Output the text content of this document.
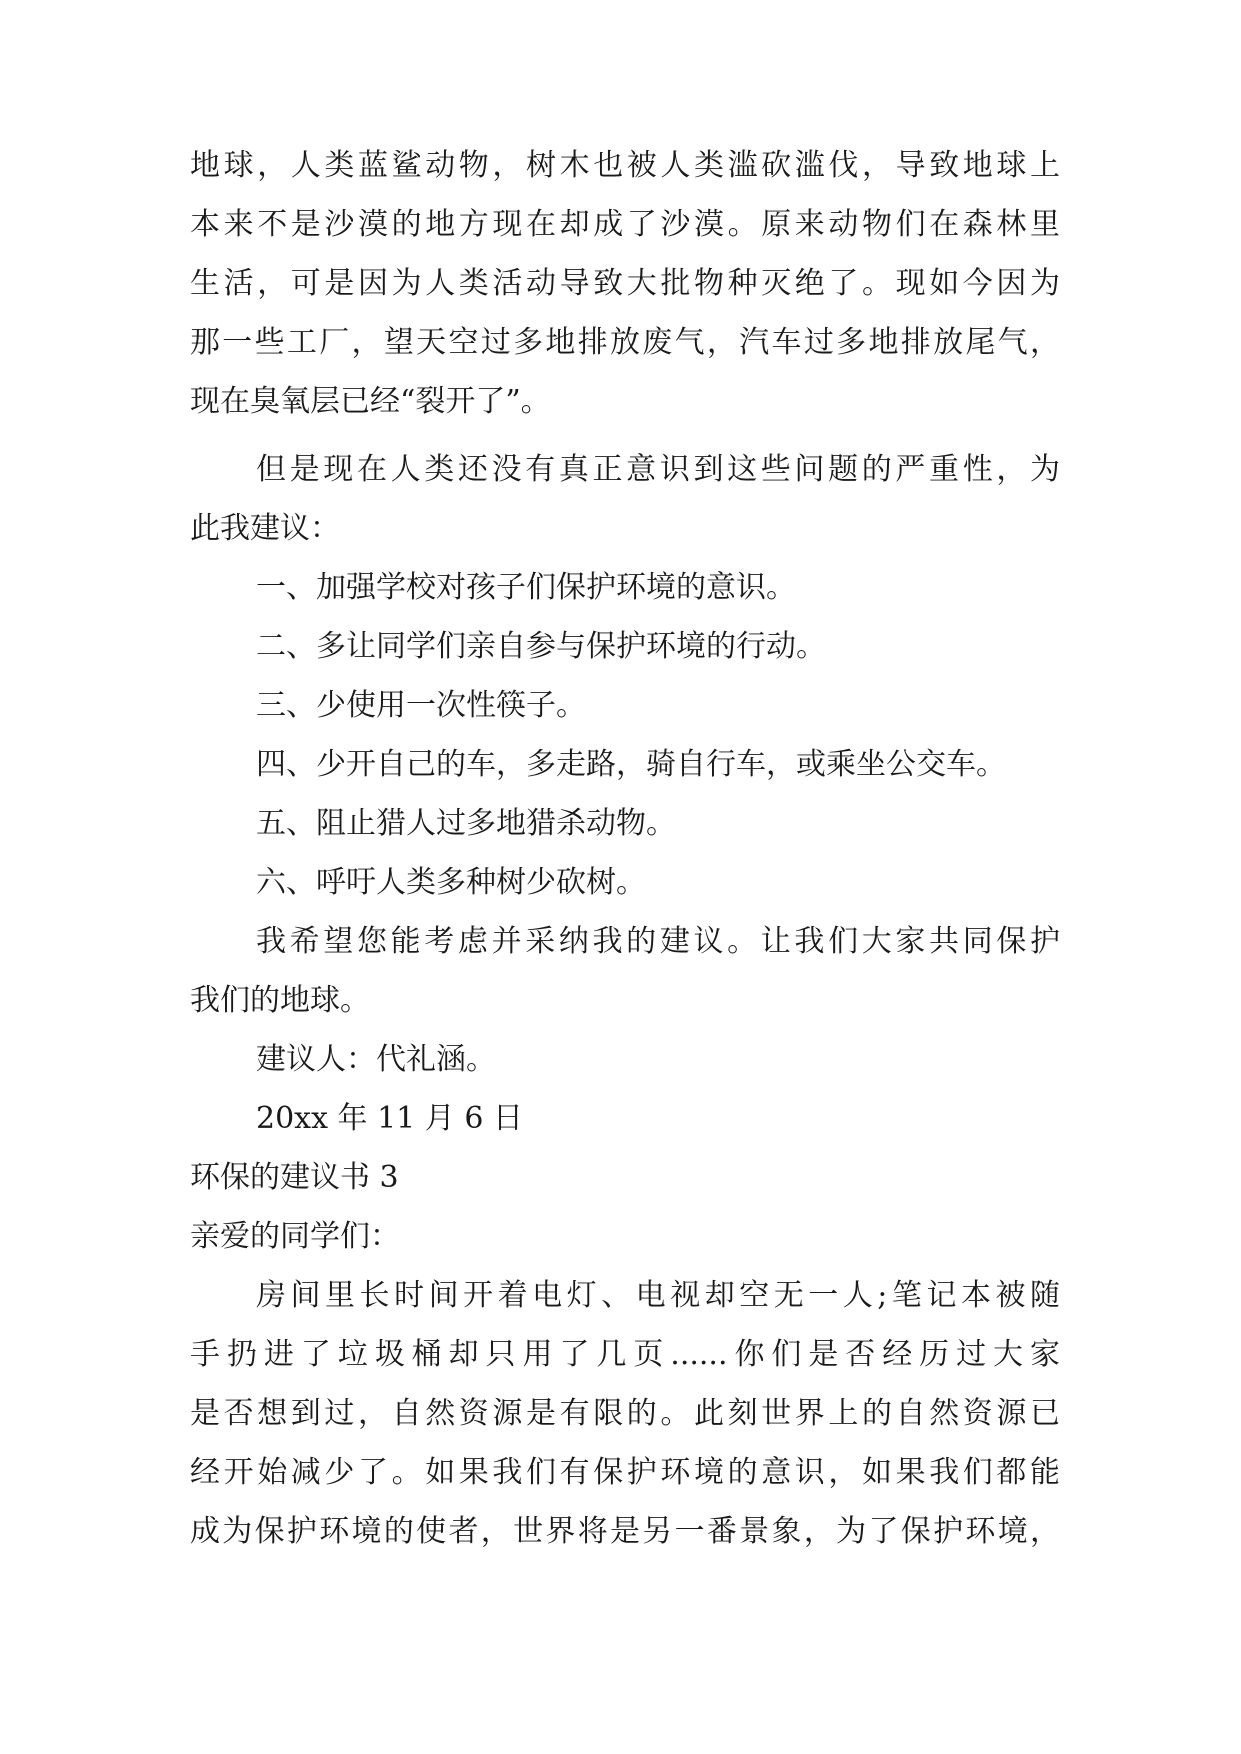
地球，人类蓝鲨动物，树木也被人类滥砍滥伐，导致地球上
本来不是沙漠的地方现在却成了沙漠。原来动物们在森林里
生活，可是因为人类活动导致大批物种灭绝了。现如今因为
那一些工厂，望天空过多地排放废气，汽车过多地排放尾气，
现在臭氧层已经“裂开了”。
但是现在人类还没有真正意识到这些问题的严重性，为
此我建议：
一、加强学校对孩子们保护环境的意识。
二、多让同学们亲自参与保护环境的行动。
三、少使用一次性筷子。
四、少开自己的车，多走路，骑自行车，或乘坐公交车。
五、阻止猎人过多地猎杀动物。
六、呼吁人类多种树少砍树。
我希望您能考虑并采纳我的建议。让我们大家共同保护
我们的地球。
建议人：代礼涵。
20xx 年 11 月 6 日
环保的建议书 3
亲爱的同学们：
房间里长时间开着电灯、电视却空无一人;笔记本被随
手扔进了垃圾桶却只用了几页......你们是否经历过大家
是否想到过，自然资源是有限的。此刻世界上的自然资源已
经开始减少了。如果我们有保护环境的意识，如果我们都能
成为保护环境的使者，世界将是另一番景象，为了保护环境，
